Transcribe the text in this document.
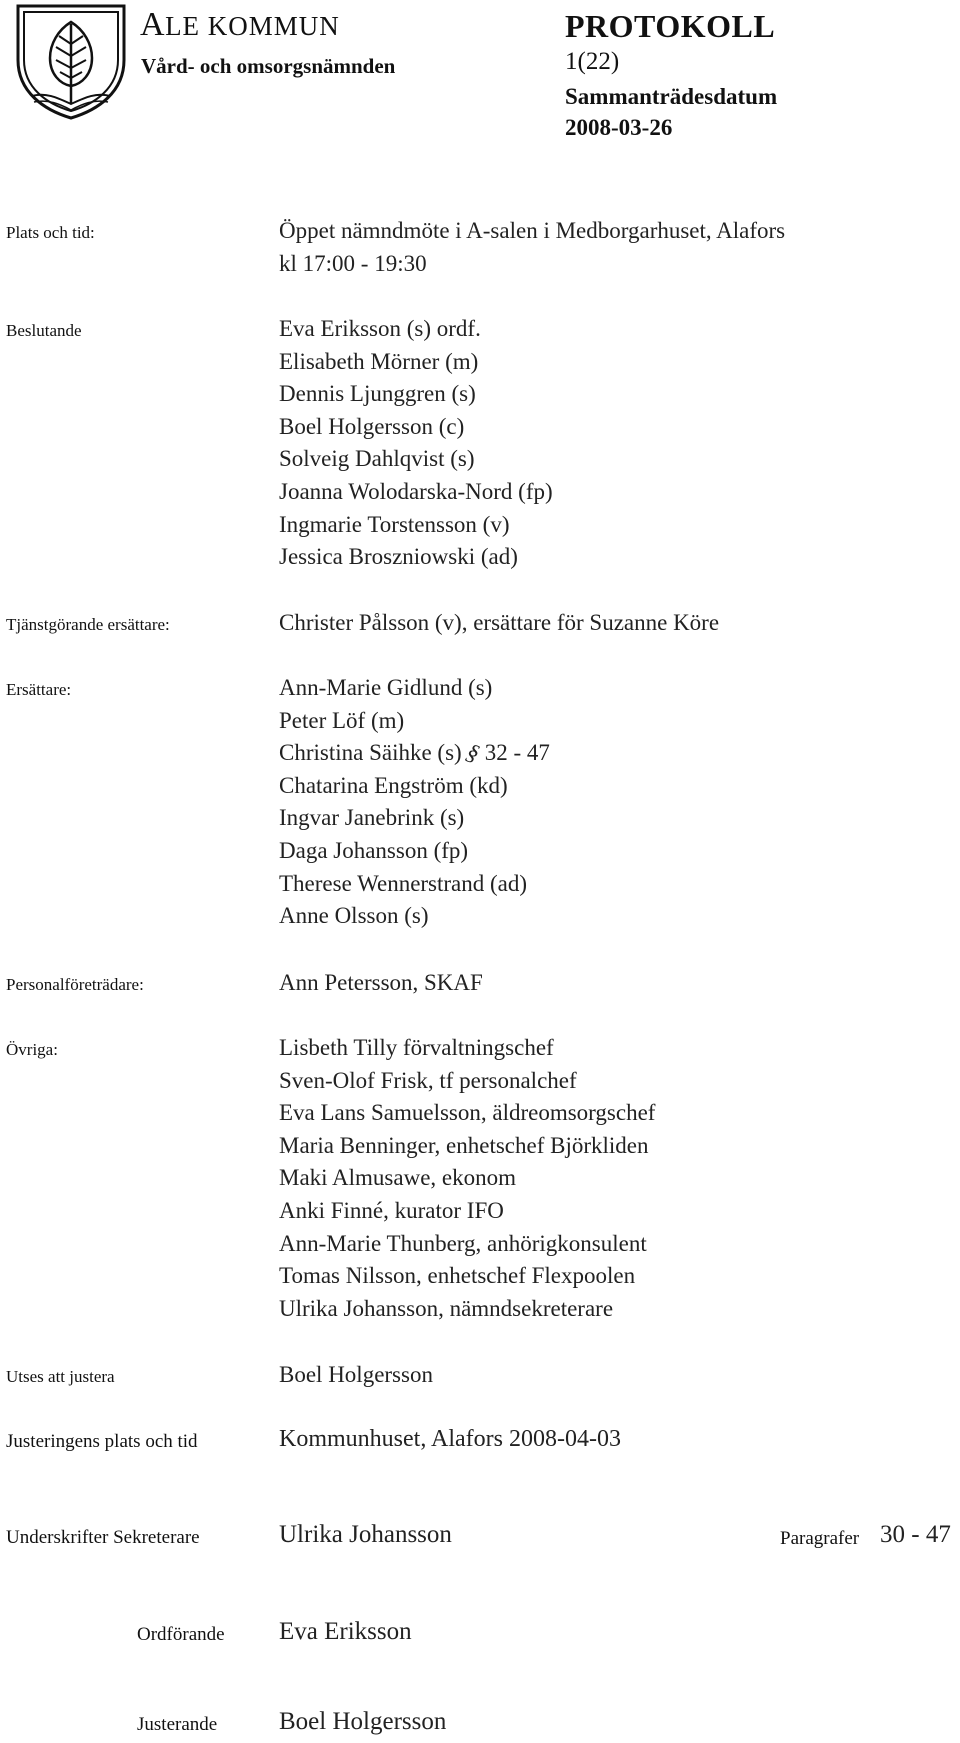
ALE KOMMUN
Vård- och omsorgsnämnden
PROTOKOLL
1(22)
Sammanträdesdatum
2008-03-26
Plats och tid:	Öppet nämndmöte i A-salen i Medborgarhuset, Alafors
kl 17:00 - 19:30
Beslutande	Eva Eriksson (s) ordf.
Elisabeth Mörner (m)
Dennis Ljunggren (s)
Boel Holgersson (c)
Solveig Dahlqvist (s)
Joanna Wolodarska-Nord (fp)
Ingmarie Torstensson (v)
Jessica Broszniowski (ad)
Tjänstgörande ersättare:	Christer Pålsson (v), ersättare för Suzanne Köre
Ersättare:	Ann-Marie Gidlund (s)
Peter Löf (m)
Christina Säihke (s) § 32 - 47
Chatarina Engström (kd)
Ingvar Janebrink (s)
Daga Johansson (fp)
Therese Wennerstrand (ad)
Anne Olsson (s)
Personalföreträdare:	Ann Petersson, SKAF
Övriga:	Lisbeth Tilly förvaltningschef
Sven-Olof Frisk, tf personalchef
Eva Lans Samuelsson, äldreomsorgschef
Maria Benninger, enhetschef Björkliden
Maki Almusawe, ekonom
Anki Finné, kurator IFO
Ann-Marie Thunberg, anhörigkonsulent
Tomas Nilsson, enhetschef Flexpoolen
Ulrika Johansson, nämndsekreterare
Utses att justera	Boel Holgersson
Justeringens plats och tid	Kommunhuset, Alafors 2008-04-03
Underskrifter Sekreterare	Ulrika Johansson	Paragrafer 30 - 47
Ordförande Eva Eriksson
Justerande Boel Holgersson
